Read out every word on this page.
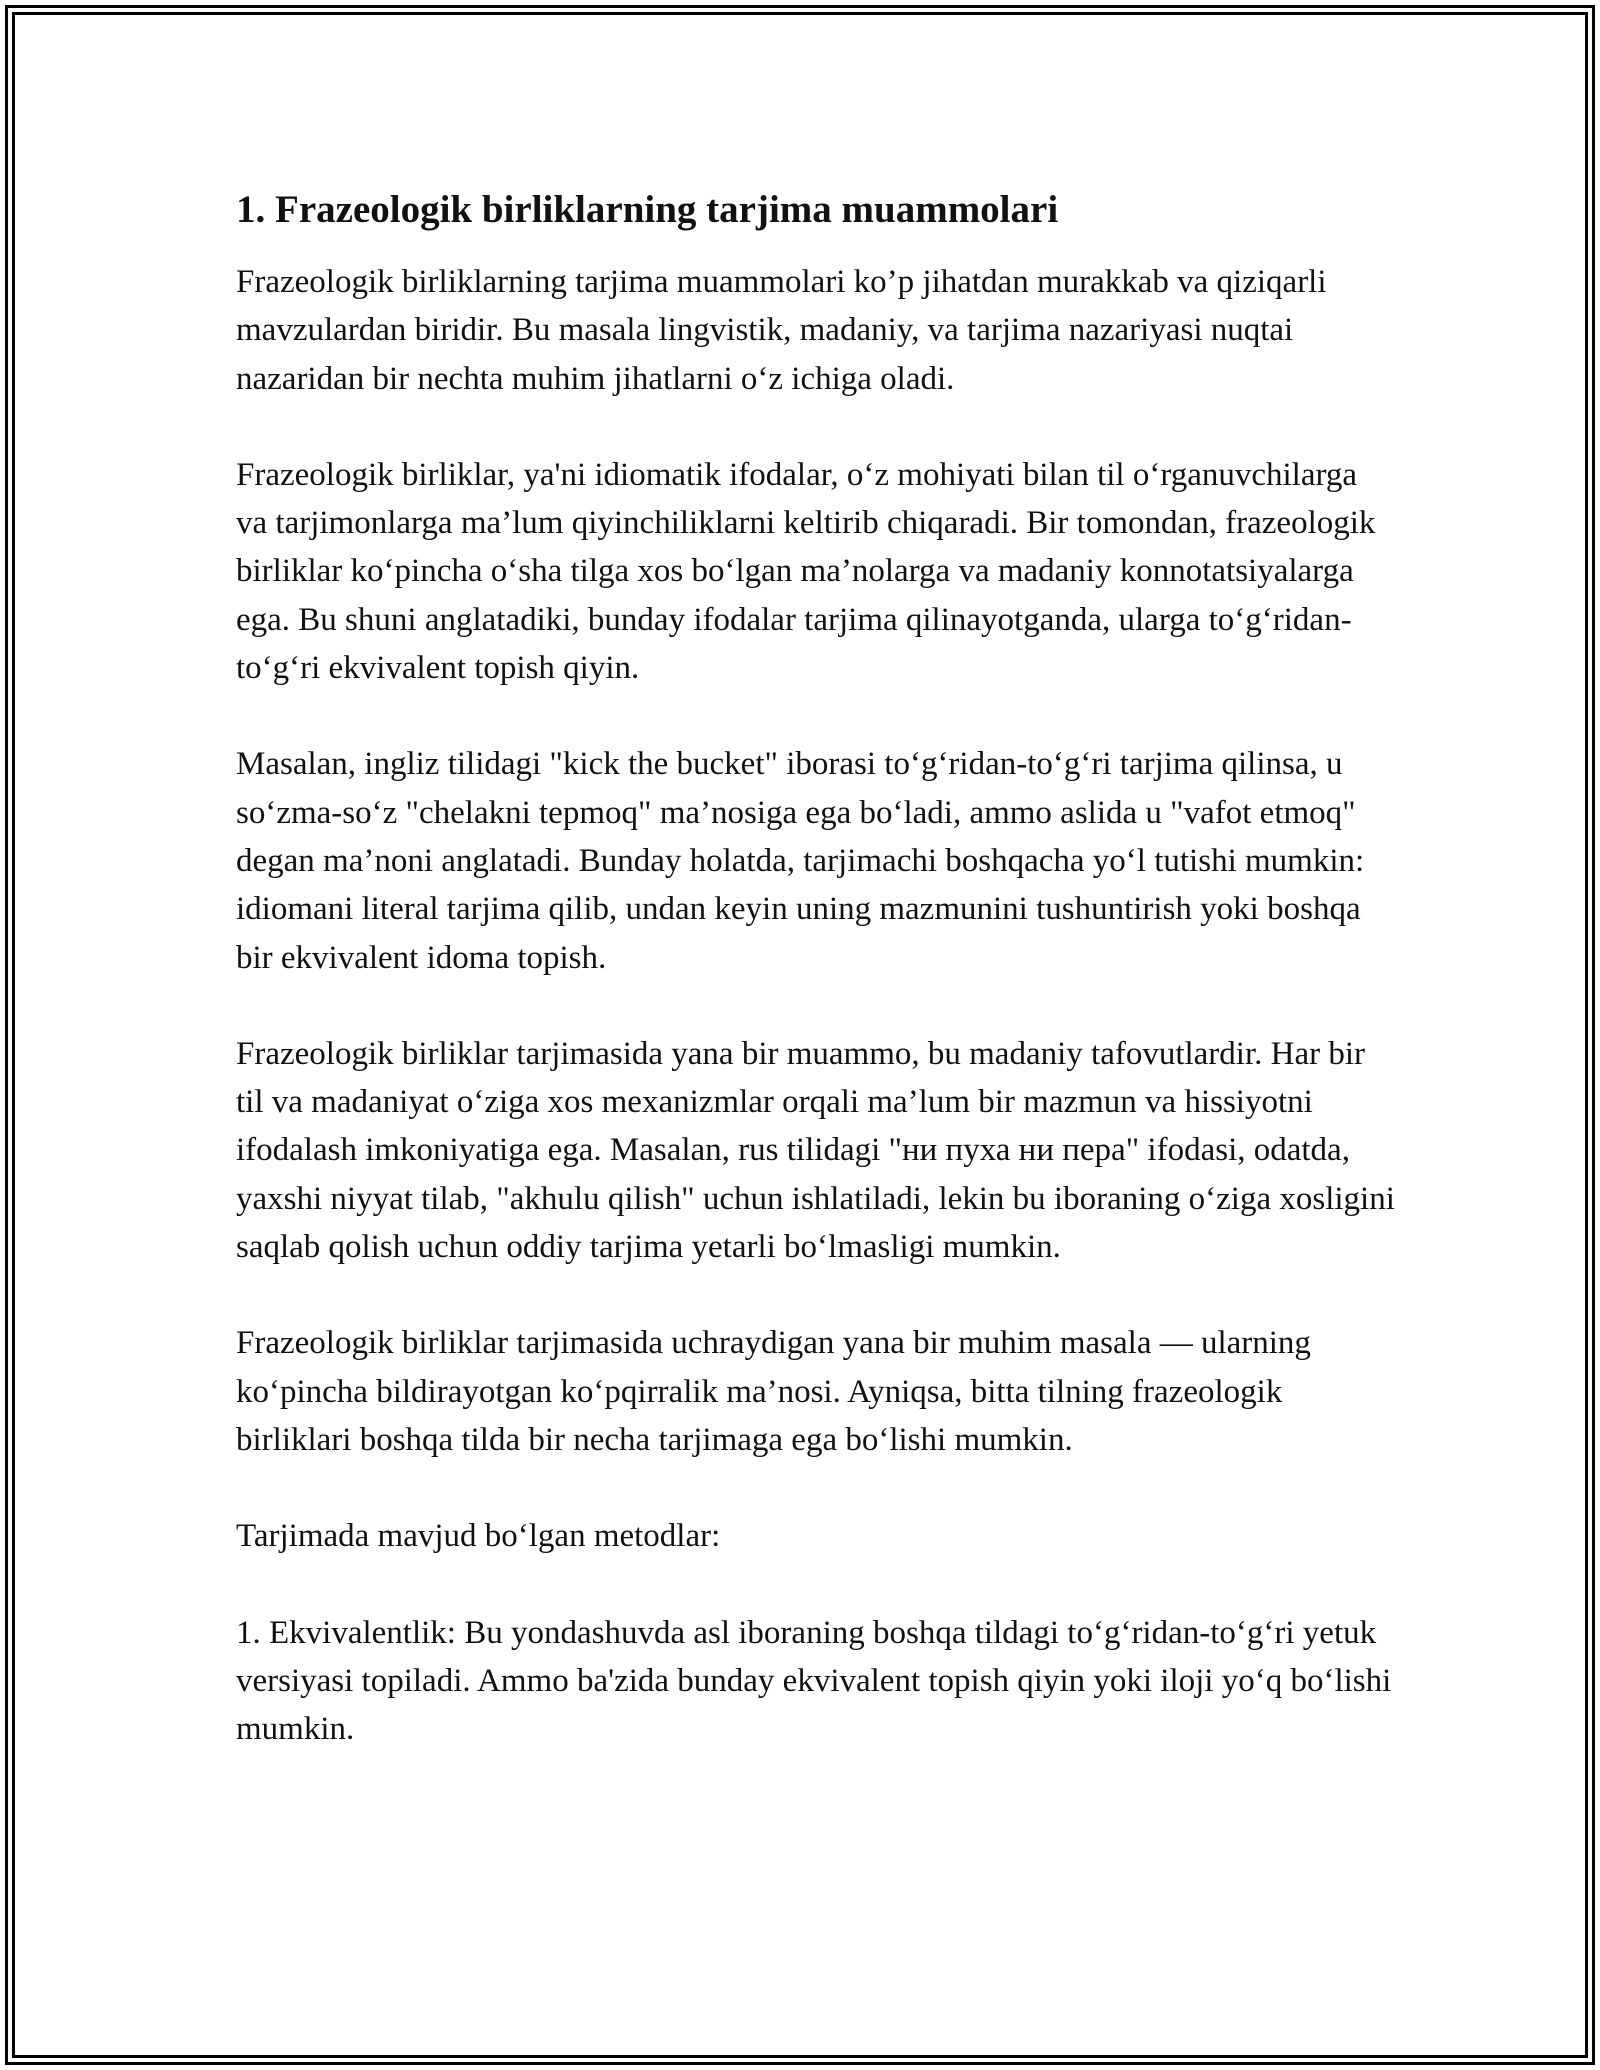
1. Frazeologik birliklarning tarjima muammolari

Frazeologik birliklarning tarjima muammolari ko’p jihatdan murakkab va qiziqarli mavzulardan biridir. Bu masala lingvistik, madaniy, va tarjima nazariyasi nuqtai nazaridan bir nechta muhim jihatlarni o‘z ichiga oladi.

Frazeologik birliklar, ya'ni idiomatik ifodalar, o‘z mohiyati bilan til o‘rganuvchilarga va tarjimonlarga ma’lum qiyinchiliklarni keltirib chiqaradi. Bir tomondan, frazeologik birliklar ko‘pincha o‘sha tilga xos bo‘lgan ma’nolarga va madaniy konnotatsiyalarga ega. Bu shuni anglatadiki, bunday ifodalar tarjima qilinayotganda, ularga to‘g‘ridan-to‘g‘ri ekvivalent topish qiyin.

Masalan, ingliz tilidagi "kick the bucket" iborasi to‘g‘ridan-to‘g‘ri tarjima qilinsa, u so‘zma-so‘z "chelakni tepmoq" ma’nosiga ega bo‘ladi, ammo aslida u "vafot etmoq" degan ma’noni anglatadi. Bunday holatda, tarjimachi boshqacha yo‘l tutishi mumkin: idiomani literal tarjima qilib, undan keyin uning mazmunini tushuntirish yoki boshqa bir ekvivalent idoma topish.

Frazeologik birliklar tarjimasida yana bir muammo, bu madaniy tafovutlardir. Har bir til va madaniyat o‘ziga xos mexanizmlar orqali ma’lum bir mazmun va hissiyotni ifodalash imkoniyatiga ega. Masalan, rus tilidagi "ни пуха ни пера" ifodasi, odatda, yaxshi niyyat tilab, "akhulu qilish" uchun ishlatiladi, lekin bu iboraning o‘ziga xosligini saqlab qolish uchun oddiy tarjima yetarli bo‘lmasligi mumkin.

Frazeologik birliklar tarjimasida uchraydigan yana bir muhim masala — ularning ko‘pincha bildirayotgan ko‘pqirralik ma’nosi. Ayniqsa, bitta tilning frazeologik birliklari boshqa tilda bir necha tarjimaga ega bo‘lishi mumkin.

Tarjimada mavjud bo‘lgan metodlar:

1. Ekvivalentlik: Bu yondashuvda asl iboraning boshqa tildagi to‘g‘ridan-to‘g‘ri yetuk versiyasi topiladi. Ammo ba'zida bunday ekvivalent topish qiyin yoki iloji yo‘q bo‘lishi mumkin.
